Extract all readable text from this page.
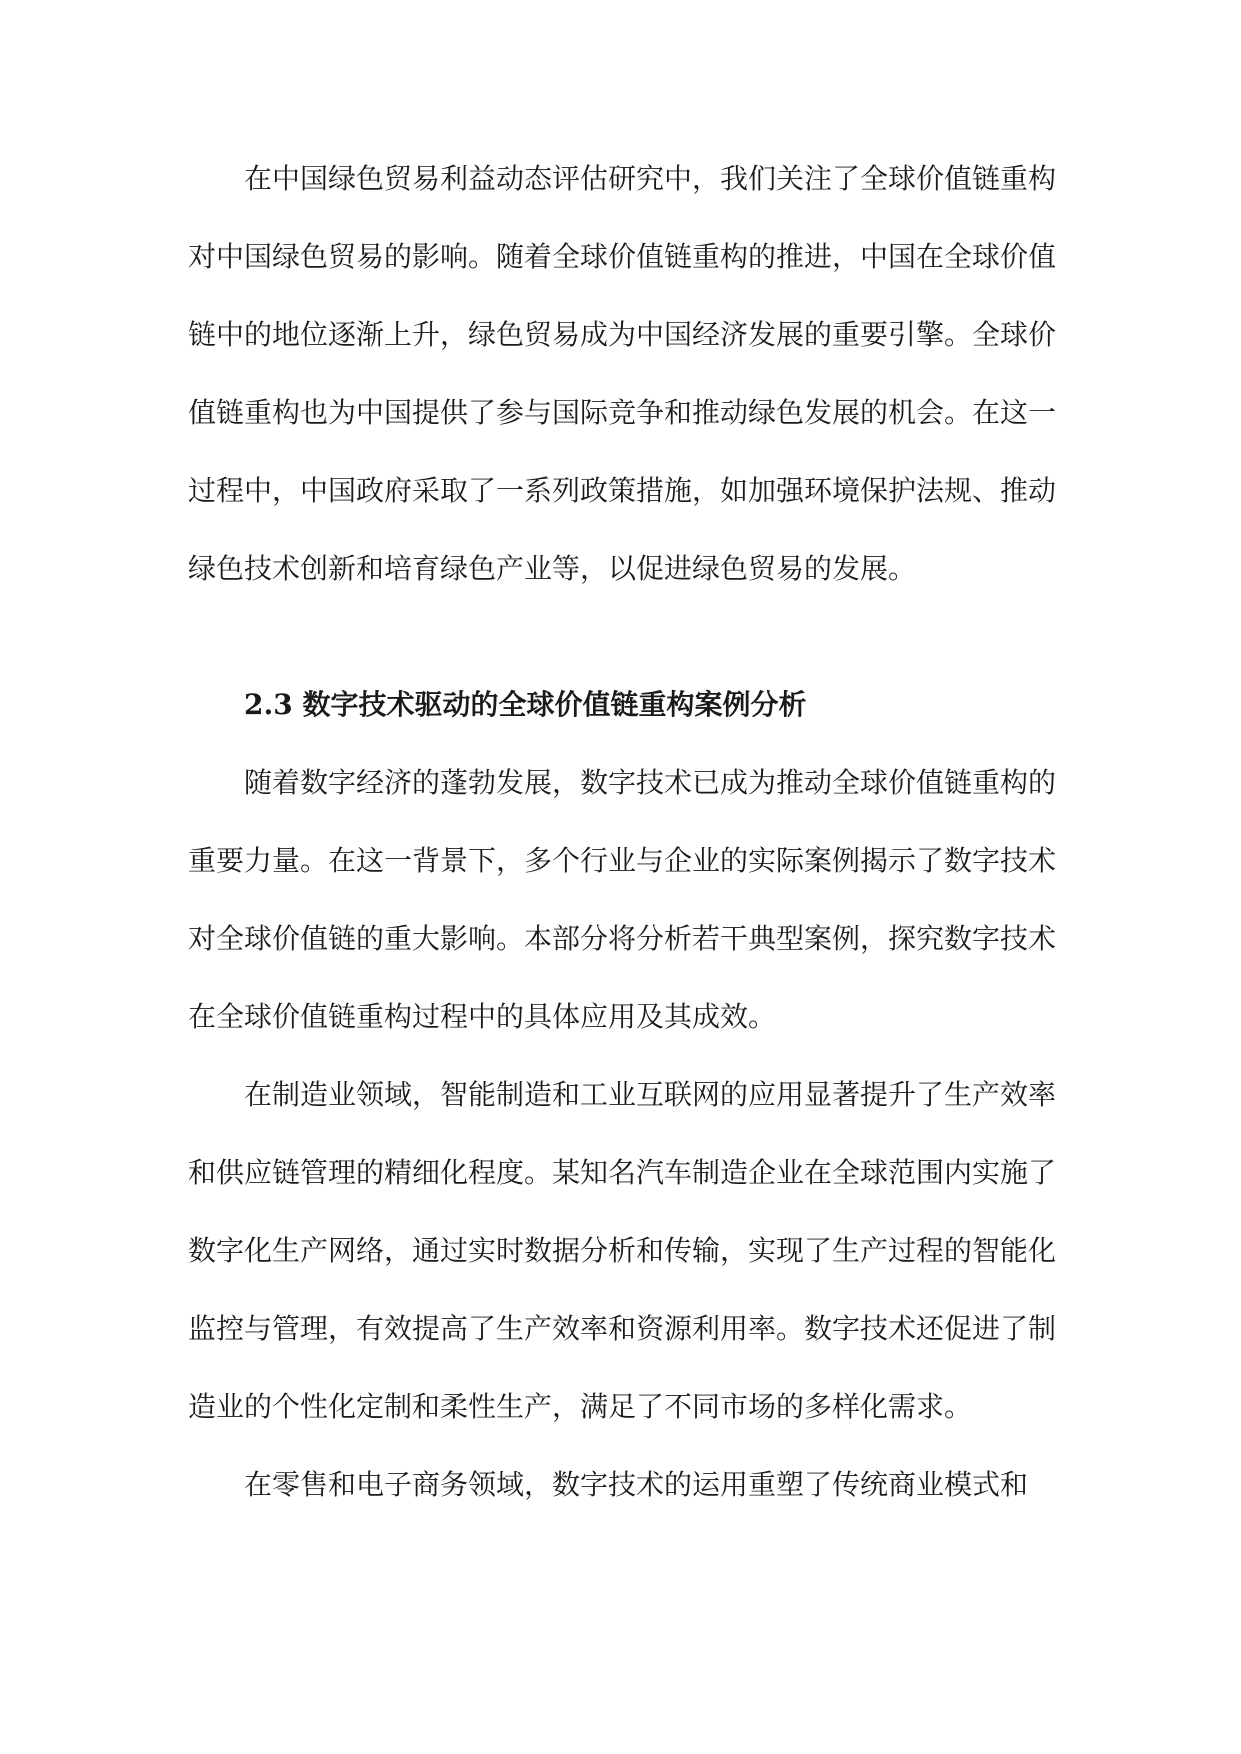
在中国绿色贸易利益动态评估研究中，我们关注了全球价值链重构对中国绿色贸易的影响。随着全球价值链重构的推进，中国在全球价值链中的地位逐渐上升，绿色贸易成为中国经济发展的重要引擎。全球价值链重构也为中国提供了参与国际竞争和推动绿色发展的机会。在这一过程中，中国政府采取了一系列政策措施，如加强环境保护法规、推动绿色技术创新和培育绿色产业等，以促进绿色贸易的发展。

2.3 数字技术驱动的全球价值链重构案例分析

随着数字经济的蓬勃发展，数字技术已成为推动全球价值链重构的重要力量。在这一背景下，多个行业与企业的实际案例揭示了数字技术对全球价值链的重大影响。本部分将分析若干典型案例，探究数字技术在全球价值链重构过程中的具体应用及其成效。

在制造业领域，智能制造和工业互联网的应用显著提升了生产效率和供应链管理的精细化程度。某知名汽车制造企业在全球范围内实施了数字化生产网络，通过实时数据分析和传输，实现了生产过程的智能化监控与管理，有效提高了生产效率和资源利用率。数字技术还促进了制造业的个性化定制和柔性生产，满足了不同市场的多样化需求。

在零售和电子商务领域，数字技术的运用重塑了传统商业模式和
